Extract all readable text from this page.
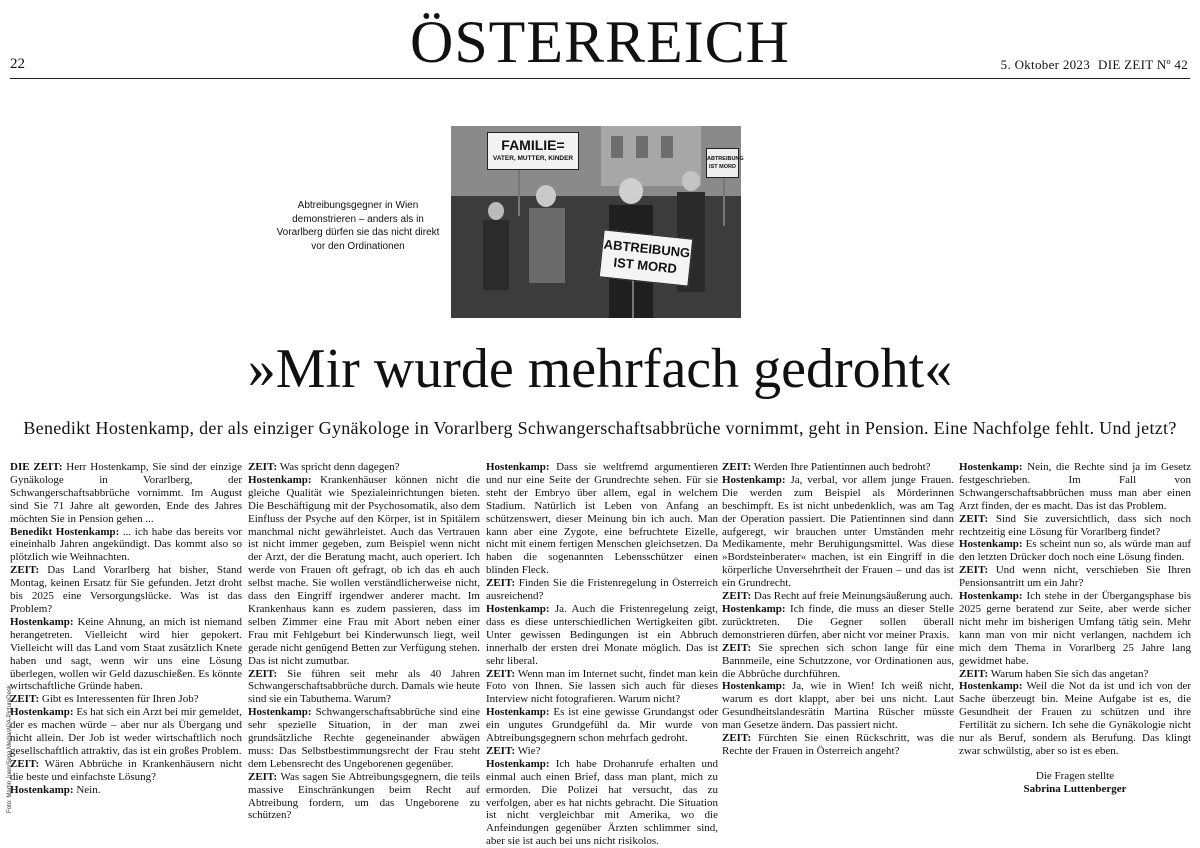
22	ÖSTERREICH	5. Oktober 2023 DIE ZEIT Nº 42
FAMILIE=
VATER, MUTTER, KINDER
ABTREIBUNG
IST MORD
ABTREIBUNG
IST MORD
Abtreibungsgegner in Wien demonstrieren – anders als in Vorarlberg dürfen sie das nicht direkt vor den Ordinationen
Foto: Martin Juen/Sepa Media/APA-PictureDesk
»Mir wurde mehrfach gedroht«

Benedikt Hostenkamp, der als einziger Gynäkologe in Vorarlberg Schwangerschaftsabbrüche vornimmt, geht in Pension. Eine Nachfolge fehlt. Und jetzt?

DIE ZEIT: Herr Hostenkamp, Sie sind der einzige Gynäkologe in Vorarlberg, der Schwangerschaftsabbrüche vornimmt. Im August sind Sie 71 Jahre alt geworden, Ende des Jahres möchten Sie in Pension gehen ...

Benedikt Hostenkamp: ... ich habe das bereits vor eineinhalb Jahren angekündigt. Das kommt also so plötzlich wie Weihnachten.

ZEIT: Das Land Vorarlberg hat bisher, Stand Montag, keinen Ersatz für Sie gefunden. Jetzt droht bis 2025 eine Versorgungslücke. Was ist das Problem?

Hostenkamp: Keine Ahnung, an mich ist niemand herangetreten. Vielleicht wird hier gepokert. Vielleicht will das Land vom Staat zusätzlich Knete haben und sagt, wenn wir uns eine Lösung überlegen, wollen wir Geld dazuschießen. Es könnte wirtschaftliche Gründe haben.

ZEIT: Gibt es Interessenten für Ihren Job?

Hostenkamp: Es hat sich ein Arzt bei mir gemeldet, der es machen würde – aber nur als Übergang und nicht allein. Der Job ist weder wirtschaftlich noch gesellschaftlich attraktiv, das ist ein großes Problem.

ZEIT: Wären Abbrüche in Krankenhäusern nicht die beste und einfachste Lösung?

Hostenkamp: Nein.

ZEIT: Was spricht denn dagegen?

Hostenkamp: Krankenhäuser können nicht die gleiche Qualität wie Spezialeinrichtungen bieten. Die Beschäftigung mit der Psychosomatik, also dem Einfluss der Psyche auf den Körper, ist in Spitälern manchmal nicht gewährleistet. Auch das Vertrauen ist nicht immer gegeben, zum Beispiel wenn nicht der Arzt, der die Beratung macht, auch operiert. Ich werde von Frauen oft gefragt, ob ich das eh auch selbst mache. Sie wollen verständlicherweise nicht, dass den Eingriff irgendwer anderer macht. Im Krankenhaus kann es zudem passieren, dass im selben Zimmer eine Frau mit Abort neben einer Frau mit Fehlgeburt bei Kinderwunsch liegt, weil gerade nicht genügend Betten zur Verfügung stehen. Das ist nicht zumutbar.

ZEIT: Sie führen seit mehr als 40 Jahren Schwangerschaftsabbrüche durch. Damals wie heute sind sie ein Tabuthema. Warum?

Hostenkamp: Schwangerschaftsabbrüche sind eine sehr spezielle Situation, in der man zwei grundsätzliche Rechte gegeneinander abwägen muss: Das Selbstbestimmungsrecht der Frau steht dem Lebensrecht des Ungeborenen gegenüber.

ZEIT: Was sagen Sie Abtreibungsgegnern, die teils massive Einschränkungen beim Recht auf Abtreibung fordern, um das Ungeborene zu schützen?

Hostenkamp: Dass sie weltfremd argumentieren und nur eine Seite der Grundrechte sehen. Für sie steht der Embryo über allem, egal in welchem Stadium. Natürlich ist Leben von Anfang an schützenswert, dieser Meinung bin ich auch. Man kann aber eine Zygote, eine befruchtete Eizelle, nicht mit einem fertigen Menschen gleichsetzen. Da haben die sogenannten Lebensschützer einen blinden Fleck.

ZEIT: Finden Sie die Fristenregelung in Österreich ausreichend?

Hostenkamp: Ja. Auch die Fristenregelung zeigt, dass es diese unterschiedlichen Wertigkeiten gibt. Unter gewissen Bedingungen ist ein Abbruch innerhalb der ersten drei Monate möglich. Das ist sehr liberal.

ZEIT: Wenn man im Internet sucht, findet man kein Foto von Ihnen. Sie lassen sich auch für dieses Interview nicht fotografieren. Warum nicht?

Hostenkamp: Es ist eine gewisse Grundangst oder ein ungutes Grundgefühl da. Mir wurde von Abtreibungsgegnern schon mehrfach gedroht.

ZEIT: Wie?

Hostenkamp: Ich habe Drohanrufe erhalten und einmal auch einen Brief, dass man plant, mich zu ermorden. Die Polizei hat versucht, das zu verfolgen, aber es hat nichts gebracht. Die Situation ist nicht vergleichbar mit Amerika, wo die Anfeindungen gegenüber Ärzten schlimmer sind, aber sie ist auch bei uns nicht risikolos.

ZEIT: Werden Ihre Patientinnen auch bedroht?

Hostenkamp: Ja, verbal, vor allem junge Frauen. Die werden zum Beispiel als Mörderinnen beschimpft. Es ist nicht unbedenklich, was am Tag der Operation passiert. Die Patientinnen sind dann aufgeregt, wir brauchen unter Umständen mehr Medikamente, mehr Beruhigungsmittel. Was diese »Bordsteinberater« machen, ist ein Eingriff in die körperliche Unversehrtheit der Frauen – und das ist ein Grundrecht.

ZEIT: Das Recht auf freie Meinungsäußerung auch.

Hostenkamp: Ich finde, die muss an dieser Stelle zurücktreten. Die Gegner sollen überall demonstrieren dürfen, aber nicht vor meiner Praxis.

ZEIT: Sie sprechen sich schon lange für eine Bannmeile, eine Schutzzone, vor Ordinationen aus, die Abbrüche durchführen.

Hostenkamp: Ja, wie in Wien! Ich weiß nicht, warum es dort klappt, aber bei uns nicht. Laut Gesundheitslandesrätin Martina Rüscher müsste man Gesetze ändern. Das passiert nicht.

ZEIT: Fürchten Sie einen Rückschritt, was die Rechte der Frauen in Österreich angeht?

Hostenkamp: Nein, die Rechte sind ja im Gesetz festgeschrieben. Im Fall von Schwangerschaftsabbrüchen muss man aber einen Arzt finden, der es macht. Das ist das Problem.

ZEIT: Sind Sie zuversichtlich, dass sich noch rechtzeitig eine Lösung für Vorarlberg findet?

Hostenkamp: Es scheint nun so, als würde man auf den letzten Drücker doch noch eine Lösung finden.

ZEIT: Und wenn nicht, verschieben Sie Ihren Pensionsantritt um ein Jahr?

Hostenkamp: Ich stehe in der Übergangsphase bis 2025 gerne beratend zur Seite, aber werde sicher nicht mehr im bisherigen Umfang tätig sein. Mehr kann man von mir nicht verlangen, nachdem ich mich dem Thema in Vorarlberg 25 Jahre lang gewidmet habe.

ZEIT: Warum haben Sie sich das angetan?

Hostenkamp: Weil die Not da ist und ich von der Sache überzeugt bin. Meine Aufgabe ist es, die Gesundheit der Frauen zu schützen und ihre Fertilität zu sichern. Ich sehe die Gynäkologie nicht nur als Beruf, sondern als Berufung. Das klingt zwar schwülstig, aber so ist es eben.

Die Fragen stellte
Sabrina Luttenberger
